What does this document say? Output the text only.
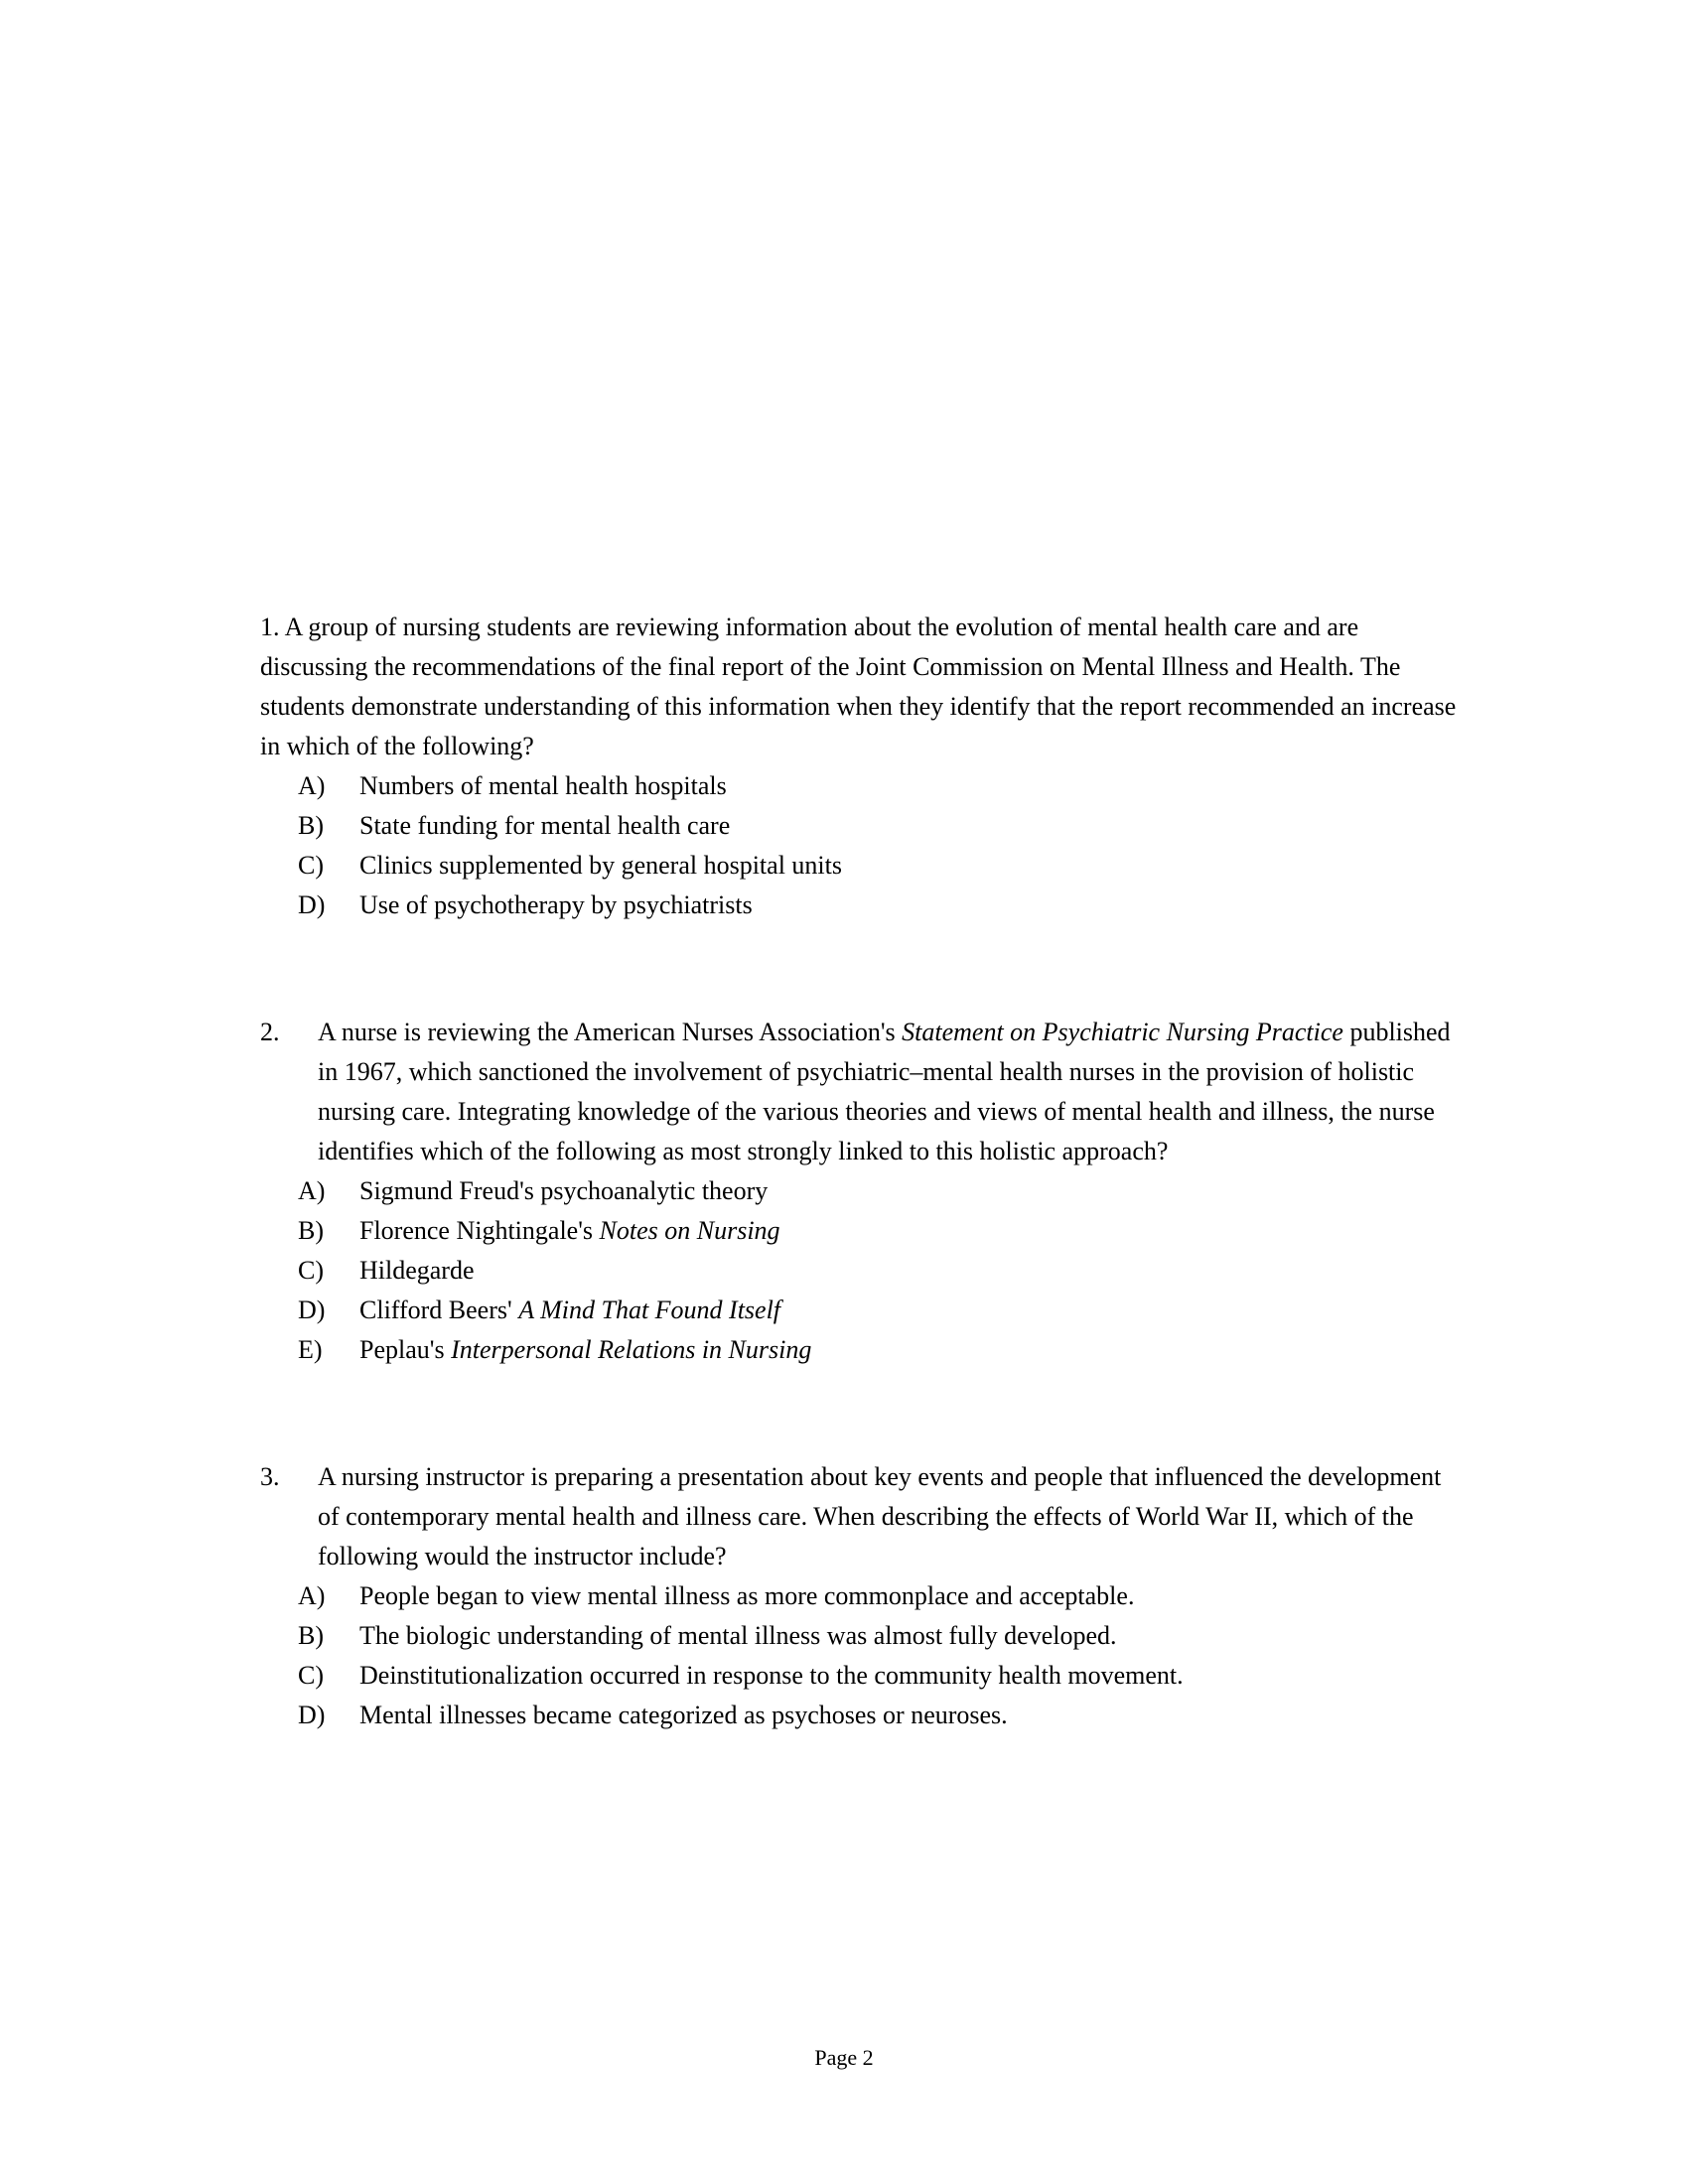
1. A group of nursing students are reviewing information about the evolution of mental health care and are discussing the recommendations of the final report of the Joint Commission on Mental Illness and Health. The students demonstrate understanding of this information when they identify that the report recommended an increase in which of the following?

A)	Numbers of mental health hospitals
B)	State funding for mental health care
C)	Clinics supplemented by general hospital units
D)	Use of psychotherapy by psychiatrists

2.	A nurse is reviewing the American Nurses Association's Statement on Psychiatric Nursing Practice published in 1967, which sanctioned the involvement of psychiatric–mental health nurses in the provision of holistic nursing care. Integrating knowledge of the various theories and views of mental health and illness, the nurse identifies which of the following as most strongly linked to this holistic approach?

A)	Sigmund Freud's psychoanalytic theory
B)	Florence Nightingale's Notes on Nursing
C)	Hildegarde
D)	Clifford Beers' A Mind That Found Itself
E)	Peplau's Interpersonal Relations in Nursing

3.	A nursing instructor is preparing a presentation about key events and people that influenced the development of contemporary mental health and illness care. When describing the effects of World War II, which of the following would the instructor include?

A)	People began to view mental illness as more commonplace and acceptable.
B)	The biologic understanding of mental illness was almost fully developed.
C)	Deinstitutionalization occurred in response to the community health movement.
D)	Mental illnesses became categorized as psychoses or neuroses.
Page 2
